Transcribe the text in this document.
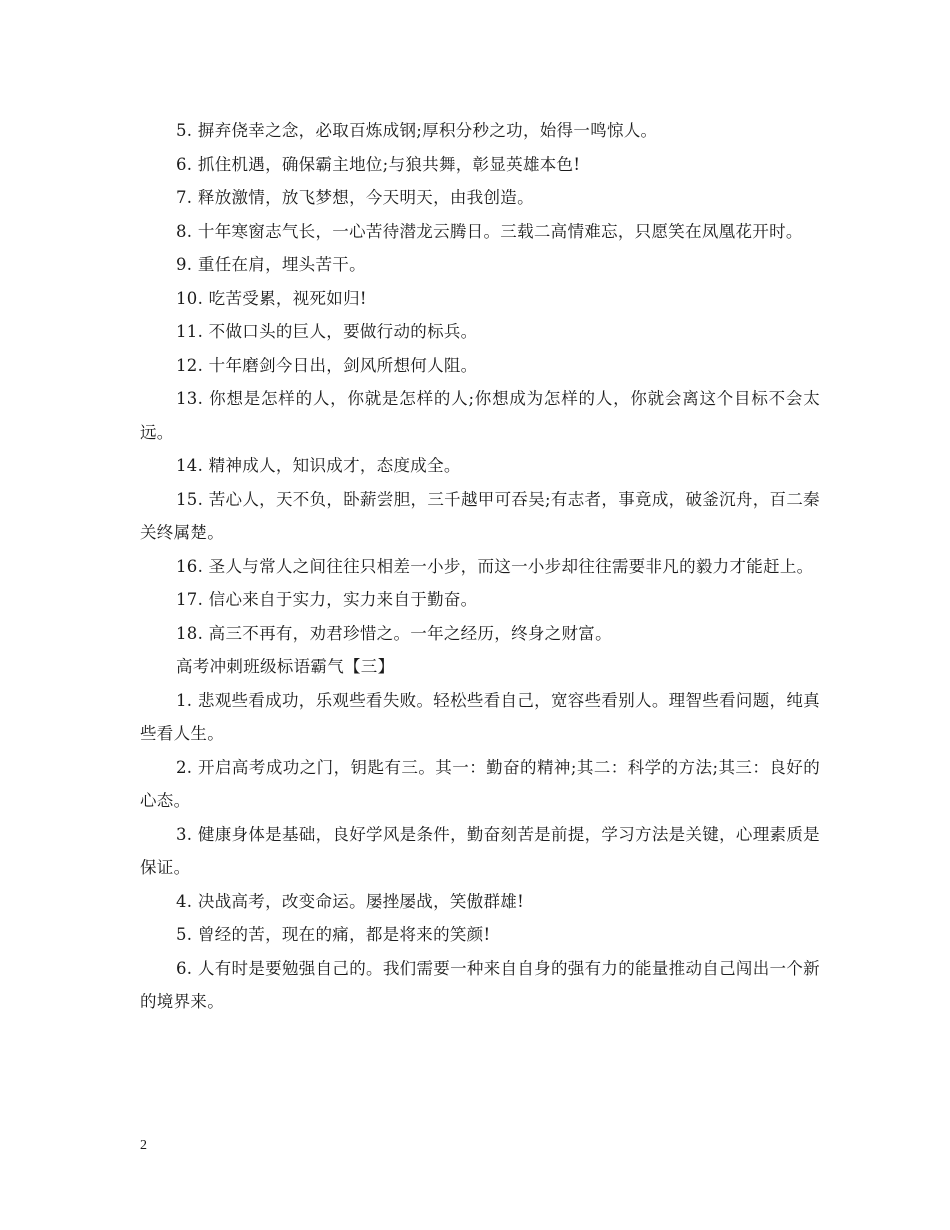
5. 摒弃侥幸之念，必取百炼成钢;厚积分秒之功，始得一鸣惊人。

6. 抓住机遇，确保霸主地位;与狼共舞，彰显英雄本色!

7. 释放激情，放飞梦想，今天明天，由我创造。

8. 十年寒窗志气长，一心苦待潜龙云腾日。三载二高情难忘，只愿笑在凤凰花开时。

9. 重任在肩，埋头苦干。

10. 吃苦受累，视死如归!

11. 不做口头的巨人，要做行动的标兵。

12. 十年磨剑今日出，剑风所想何人阻。

13. 你想是怎样的人，你就是怎样的人;你想成为怎样的人，你就会离这个目标不会太远。

14. 精神成人，知识成才，态度成全。

15. 苦心人，天不负，卧薪尝胆，三千越甲可吞吴;有志者，事竟成，破釜沉舟，百二秦关终属楚。

16. 圣人与常人之间往往只相差一小步，而这一小步却往往需要非凡的毅力才能赶上。

17. 信心来自于实力，实力来自于勤奋。

18. 高三不再有，劝君珍惜之。一年之经历，终身之财富。

高考冲刺班级标语霸气【三】

1. 悲观些看成功，乐观些看失败。轻松些看自己，宽容些看别人。理智些看问题，纯真些看人生。

2. 开启高考成功之门，钥匙有三。其一：勤奋的精神;其二：科学的方法;其三：良好的心态。

3. 健康身体是基础，良好学风是条件，勤奋刻苦是前提，学习方法是关键，心理素质是保证。

4. 决战高考，改变命运。屡挫屡战，笑傲群雄!

5. 曾经的苦，现在的痛，都是将来的笑颜!

6. 人有时是要勉强自己的。我们需要一种来自自身的强有力的能量推动自己闯出一个新的境界来。

2
